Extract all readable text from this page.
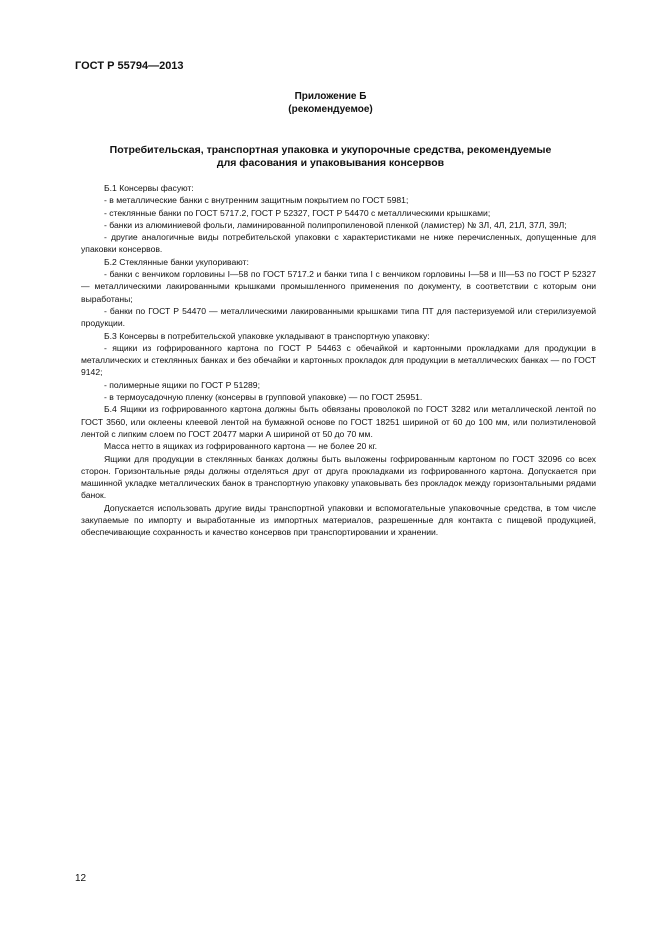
ГОСТ Р 55794—2013
Приложение Б
(рекомендуемое)
Потребительская, транспортная упаковка и укупорочные средства, рекомендуемые
для фасования и упаковывания консервов

Б.1 Консервы фасуют:

- в металлические банки с внутренним защитным покрытием по ГОСТ 5981;

- стеклянные банки по ГОСТ 5717.2, ГОСТ Р 52327, ГОСТ Р 54470 с металлическими крышками;

- банки из алюминиевой фольги, ламинированной полипропиленовой пленкой (ламистер) № 3Л, 4Л, 21Л, 37Л, 39Л;

- другие аналогичные виды потребительской упаковки с характеристиками не ниже перечисленных, допущенные для упаковки консервов.

Б.2 Стеклянные банки укупоривают:

- банки с венчиком горловины I—58 по ГОСТ 5717.2 и банки типа I с венчиком горловины I—58 и III—53 по ГОСТ Р 52327 — металлическими лакированными крышками промышленного применения по документу, в соответствии с которым они выработаны;

- банки по ГОСТ Р 54470 — металлическими лакированными крышками типа ПТ для пастеризуемой или стерилизуемой продукции.

Б.3 Консервы в потребительской упаковке укладывают в транспортную упаковку:

- ящики из гофрированного картона по ГОСТ Р 54463 с обечайкой и картонными прокладками для продукции в металлических и стеклянных банках и без обечайки и картонных прокладок для продукции в металлических банках — по ГОСТ 9142;

- полимерные ящики по ГОСТ Р 51289;

- в термоусадочную пленку (консервы в групповой упаковке) — по ГОСТ 25951.

Б.4 Ящики из гофрированного картона должны быть обвязаны проволокой по ГОСТ 3282 или металлической лентой по ГОСТ 3560, или оклеены клеевой лентой на бумажной основе по ГОСТ 18251 шириной от 60 до 100 мм, или полиэтиленовой лентой с липким слоем по ГОСТ 20477 марки А шириной от 50 до 70 мм.

Масса нетто в ящиках из гофрированного картона — не более 20 кг.

Ящики для продукции в стеклянных банках должны быть выложены гофрированным картоном по ГОСТ 32096 со всех сторон. Горизонтальные ряды должны отделяться друг от друга прокладками из гофрированного картона. Допускается при машинной укладке металлических банок в транспортную упаковку упаковывать без прокладок между горизонтальными рядами банок.

Допускается использовать другие виды транспортной упаковки и вспомогательные упаковочные средства, в том числе закупаемые по импорту и выработанные из импортных материалов, разрешенные для контакта с пищевой продукцией, обеспечивающие сохранность и качество консервов при транспортировании и хранении.

12
